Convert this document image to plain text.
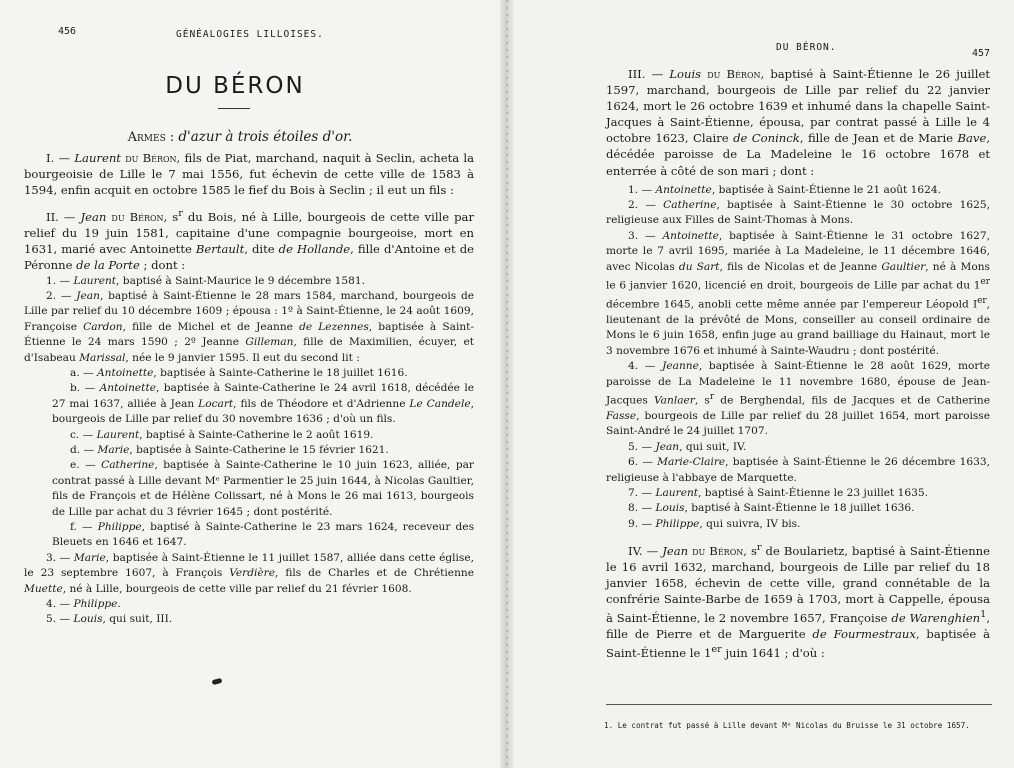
456	GÉNÉALOGIES LILLOISES.
DU BÉRON
Armes : d'azur à trois étoiles d'or.

I. — Laurent du Béron, fils de Piat, marchand, naquit à Seclin, acheta la bourgeoisie de Lille le 7 mai 1556, fut échevin de cette ville de 1583 à 1594, enfin acquit en octobre 1585 le fief du Bois à Seclin ; il eut un fils :

II. — Jean du Béron, $s^r$ du Bois, né à Lille, bourgeois de cette ville par relief du 19 juin 1581, capitaine d'une compagnie bourgeoise, mort en 1631, marié avec Antoinette Bertault, dite de Hollande, fille d'Antoine et de Péronne de la Porte ; dont :

1. — Laurent, baptisé à Saint-Maurice le 9 décembre 1581.

2. — Jean, baptisé à Saint-Étienne le 28 mars 1584, marchand, bourgeois de Lille par relief du 10 décembre 1609 ; épousa : 1º à Saint-Étienne, le 24 août 1609, Françoise Cardon, fille de Michel et de Jeanne de Lezennes, baptisée à Saint-Étienne le 24 mars 1590 ; 2º Jeanne Gilleman, fille de Maximilien, écuyer, et d'Isabeau Marissal, née le 9 janvier 1595. Il eut du second lit :

a. — Antoinette, baptisée à Sainte-Catherine le 18 juillet 1616.

b. — Antoinette, baptisée à Sainte-Catherine le 24 avril 1618, décédée le 27 mai 1637, alliée à Jean Locart, fils de Théodore et d'Adrienne Le Candele, bourgeois de Lille par relief du 30 novembre 1636 ; d'où un fils.

c. — Laurent, baptisé à Sainte-Catherine le 2 août 1619.

d. — Marie, baptisée à Sainte-Catherine le 15 février 1621.

e. — Catherine, baptisée à Sainte-Catherine le 10 juin 1623, alliée, par contrat passé à Lille devant Mᵉ Parmentier le 25 juin 1644, à Nicolas Gaultier, fils de François et de Hélène Colissart, né à Mons le 26 mai 1613, bourgeois de Lille par achat du 3 février 1645 ; dont postérité.

f. — Philippe, baptisé à Sainte-Catherine le 23 mars 1624, receveur des Bleuets en 1646 et 1647.

3. — Marie, baptisée à Saint-Étienne le 11 juillet 1587, alliée dans cette église, le 23 septembre 1607, à François Verdière, fils de Charles et de Chrétienne Muette, né à Lille, bourgeois de cette ville par relief du 21 février 1608.

4. — Philippe.

5. — Louis, qui suit, III.

DU BÉRON.
457

III. — Louis du Béron, baptisé à Saint-Étienne le 26 juillet 1597, marchand, bourgeois de Lille par relief du 22 janvier 1624, mort le 26 octobre 1639 et inhumé dans la chapelle Saint-Jacques à Saint-Étienne, épousa, par contrat passé à Lille le 4 octobre 1623, Claire de Coninck, fille de Jean et de Marie Bave, décédée paroisse de La Madeleine le 16 octobre 1678 et enterrée à côté de son mari ; dont :

1. — Antoinette, baptisée à Saint-Étienne le 21 août 1624.

2. — Catherine, baptisée à Saint-Étienne le 30 octobre 1625, religieuse aux Filles de Saint-Thomas à Mons.

3. — Antoinette, baptisée à Saint-Étienne le 31 octobre 1627, morte le 7 avril 1695, mariée à La Madeleine, le 11 décembre 1646, avec Nicolas du Sart, fils de Nicolas et de Jeanne Gaultier, né à Mons le 6 janvier 1620, licencié en droit, bourgeois de Lille par achat du 1er décembre 1645, anobli cette même année par l'empereur Léopold Ier, lieutenant de la prévôté de Mons, conseiller au conseil ordinaire de Mons le 6 juin 1658, enfin juge au grand bailliage du Hainaut, mort le 3 novembre 1676 et inhumé à Sainte-Waudru ; dont postérité.

4. — Jeanne, baptisée à Saint-Étienne le 28 août 1629, morte paroisse de La Madeleine le 11 novembre 1680, épouse de Jean-Jacques Vanlaer, $s^r$ de Berghendal, fils de Jacques et de Catherine Fasse, bourgeois de Lille par relief du 28 juillet 1654, mort paroisse Saint-André le 24 juillet 1707.

5. — Jean, qui suit, IV.

6. — Marie-Claire, baptisée à Saint-Étienne le 26 décembre 1633, religieuse à l'abbaye de Marquette.

7. — Laurent, baptisé à Saint-Étienne le 23 juillet 1635.

8. — Louis, baptisé à Saint-Étienne le 18 juillet 1636.

9. — Philippe, qui suivra, IV bis.

IV. — Jean du Béron, $s^r$ de Boularietz, baptisé à Saint-Étienne le 16 avril 1632, marchand, bourgeois de Lille par relief du 18 janvier 1658, échevin de cette ville, grand connétable de la confrérie Sainte-Barbe de 1659 à 1703, mort à Cappelle, épousa à Saint-Étienne, le 2 novembre 1657, Françoise de Warenghien$^1$, fille de Pierre et de Marguerite de Fourmestraux, baptisée à Saint-Étienne le 1er juin 1641 ; d'où :

1. Le contrat fut passé à Lille devant Mᵉ Nicolas du Bruisse le 31 octobre 1657.
